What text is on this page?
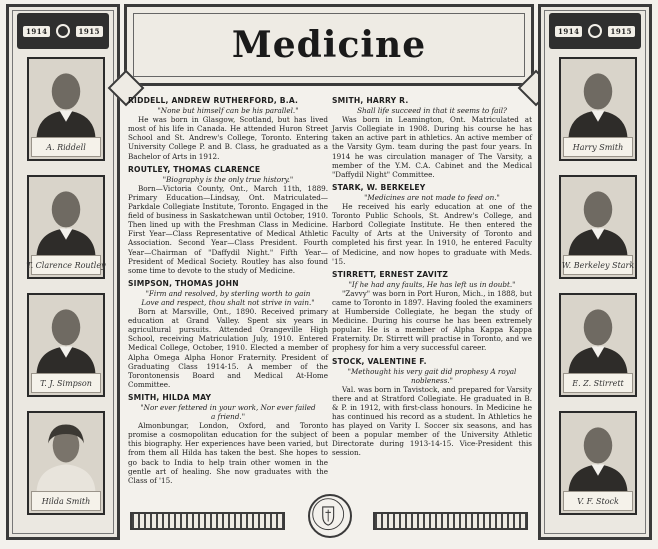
1914	1915
A. Riddell
T. Clarence Routley
T. J. Simpson
Hilda Smith
Medicine
RIDDELL, ANDREW RUTHERFORD, B.A.
"None but himself can be his parallel."
He was born in Glasgow, Scotland, but has lived most of his life in Canada. He attended Huron Street School and St. Andrew's College, Toronto. Entering University College P. and B. Class, he graduated as a Bachelor of Arts in 1912.
ROUTLEY, THOMAS CLARENCE
"Biography is the only true history."
Born—Victoria County, Ont., March 11th, 1889. Primary Education—Lindsay, Ont. Matriculated—Parkdale Collegiate Institute, Toronto. Engaged in the field of business in Saskatchewan until October, 1910. Then lined up with the Freshman Class in Medicine. First Year—Class Representative of Medical Athletic Association. Second Year—Class President. Fourth Year—Chairman of "Daffydil Night." Fifth Year—President of Medical Society. Routley has also found some time to devote to the study of Medicine.
SIMPSON, THOMAS JOHN
"Firm and resolved, by sterling worth to gain Love and respect, thou shalt not strive in vain."
Born at Marsville, Ont., 1890. Received primary education at Grand Valley. Spent six years in agricultural pursuits. Attended Orangeville High School, receiving Matriculation July, 1910. Entered Medical College, October, 1910. Elected a member of Alpha Omega Alpha Honor Fraternity. President of Graduating Class 1914-15. A member of the Torontonensis Board and Medical At-Home Committee.
SMITH, HILDA MAY
"Nor ever fettered in your work, Nor ever failed a friend."
Almonbungar, London, Oxford, and Toronto promise a cosmopolitan education for the subject of this biography. Her experiences have been varied, but from them all Hilda has taken the best. She hopes to go back to India to help train other women in the gentle art of healing. She now graduates with the Class of '15.
SMITH, HARRY R.
Shall life succeed in that it seems to fail?
Was born in Leamington, Ont. Matriculated at Jarvis Collegiate in 1908. During his course he has taken an active part in athletics. An active member of the Varsity Gym. team during the past four years. In 1914 he was circulation manager of The Varsity, a member of the Y.M. C.A. Cabinet and the Medical "Daffydil Night" Committee.
STARK, W. BERKELEY
"Medicines are not made to feed on."
He received his early education at one of the Toronto Public Schools, St. Andrew's College, and Harbord Collegiate Institute. He then entered the Faculty of Arts at the University of Toronto and completed his first year. In 1910, he entered Faculty of Medicine, and now hopes to graduate with Meds. '15.
STIRRETT, ERNEST ZAVITZ
"If he had any faults, He has left us in doubt."
"Zavvy" was born in Port Huron, Mich., in 1888, but came to Toronto in 1897. Having fooled the examiners at Humberside Collegiate, he began the study of Medicine. During his course he has been extremely popular. He is a member of Alpha Kappa Kappa Fraternity. Dr. Stirrett will practise in Toronto, and we prophesy for him a very successful career.
STOCK, VALENTINE F.
"Methought his very gait did prophesy A royal nobleness."
Val. was born in Tavistock, and prepared for Varsity there and at Stratford Collegiate. He graduated in B. & P. in 1912, with first-class honours. In Medicine he has continued his record as a student. In Athletics he has played on Varity I. Soccer six seasons, and has been a popular member of the University Athletic Directorate during 1913-14-15. Vice-President this session.
1914	1915
Harry Smith
W. Berkeley Stark
E. Z. Stirrett
V. F. Stock
